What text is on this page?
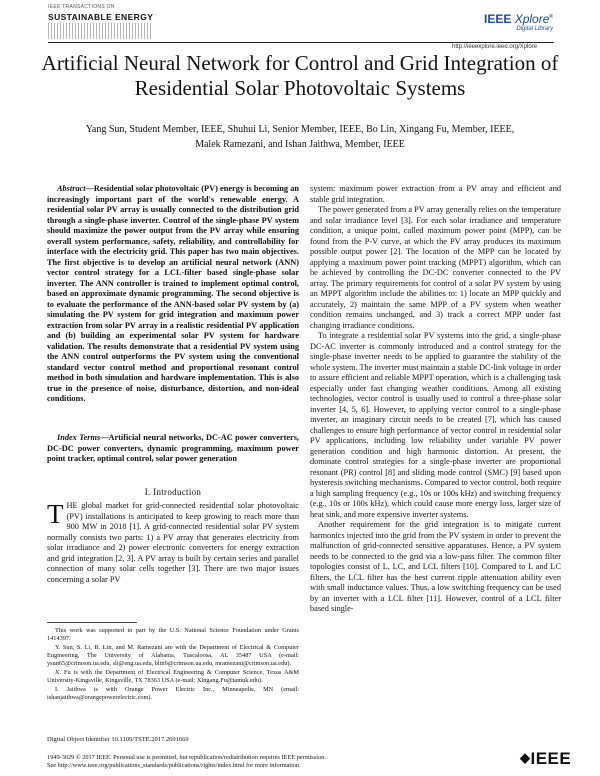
IEEE TRANSACTIONS ON
SUSTAINABLE ENERGY	IEEE Xplore®
Digital Library
http://ieeexplore.ieee.org/Xplore
Artificial Neural Network for Control and Grid Integration of Residential Solar Photovoltaic Systems
Yang Sun, Student Member, IEEE, Shuhui Li, Senior Member, IEEE, Bo Lin, Xingang Fu, Member, IEEE,
Malek Ramezani, and Ishan Jaithwa, Member, IEEE

Abstract—Residential solar photovoltaic (PV) energy is becoming an increasingly important part of the world's renewable energy. A residential solar PV array is usually connected to the distribution grid through a single-phase inverter. Control of the single-phase PV system should maximize the power output from the PV array while ensuring overall system performance, safety, reliability, and controllability for interface with the electricity grid. This paper has two main objectives. The first objective is to develop an artificial neural network (ANN) vector control strategy for a LCL-filter based single-phase solar inverter. The ANN controller is trained to implement optimal control, based on approximate dynamic programming. The second objective is to evaluate the performance of the ANN-based solar PV system by (a) simulating the PV system for grid integration and maximum power extraction from solar PV array in a realistic residential PV application and (b) building an experimental solar PV system for hardware validation. The results demonstrate that a residential PV system using the ANN control outperforms the PV system using the conventional standard vector control method and proportional resonant control method in both simulation and hardware implementation. This is also true in the presence of noise, disturbance, distortion, and non-ideal conditions.

Index Terms—Artificial neural networks, DC-AC power converters, DC-DC power converters, dynamic programming, maximum power point tracker, optimal control, solar power generation

I. Introduction

THE global market for grid-connected residential solar photovoltaic (PV) installations is anticipated to keep growing to reach more than 900 MW in 2018 [1]. A grid-connected residential solar PV system normally consists two parts: 1) a PV array that generates electricity from solar irradiance and 2) power electronic converters for energy extraction and grid integration [2, 3]. A PV array is built by certain series and parallel connection of many solar cells together [3]. There are two major issues concerning a solar PV

This work was supported in part by the U.S. National Science Foundation under Grants 1414397.

Y. Sun, S. Li, B. Lin, and M. Ramezani are with the Department of Electrical & Computer Engineering, The University of Alabama, Tuscaloosa, AL 35487 USA (e-mail: ysun65@crimson.ua.edu, sli@eng.ua.edu, blin6@crimson.ua.edu, mramezani@crimson.ua.edu).

X. Fu is with the Department of Electrical Engineering & Computer Science, Texas A&M University-Kingsville, Kingsville, TX 78363 USA (e-mail: Xingang.Fu@tamuk.edu).

I. Jaithwa is with Orange Power Electric Inc., Minneapolis, MN (email: ishanjaithwa@orangepowerelectric.com).

system: maximum power extraction from a PV array and efficient and stable grid integration.

The power generated from a PV array generally relies on the temperature and solar irradiance level [3]. For each solar irradiance and temperature condition, a unique point, called maximum power point (MPP), can be found from the P-V curve, at which the PV array produces its maximum possible output power [2]. The location of the MPP can be located by applying a maximum power point tracking (MPPT) algorithm, which can be achieved by controlling the DC-DC converter connected to the PV array. The primary requirements for control of a solar PV system by using an MPPT algorithm include the abilities to: 1) locate an MPP quickly and accurately, 2) maintain the same MPP of a PV system when weather condition remains unchanged, and 3) track a correct MPP under fast changing irradiance conditions.

To integrate a residential solar PV systems into the grid, a single-phase DC-AC inverter is commonly introduced and a control strategy for the single-phase inverter needs to be applied to guarantee the stability of the whole system. The inverter must maintain a stable DC-link voltage in order to assure efficient and reliable MPPT operation, which is a challenging task especially under fast changing weather conditions. Among all existing technologies, vector control is usually used to control a three-phase solar inverter [4, 5, 6]. However, to applying vector control to a single-phase inverter, an imaginary circuit needs to be created [7], which has caused challenges to ensure high performance of vector control in residential solar PV applications, including low reliability under variable PV power generation condition and high harmonic distortion. At present, the dominate control strategies for a single-phase inverter are proportional resonant (PR) control [8] and sliding mode control (SMC) [9] based upon hysteresis switching mechanisms. Compared to vector control, both require a high sampling frequency (e.g., 10s or 100s kHz) and switching frequency (e.g., 10s or 100s kHz), which could cause more energy loss, larger size of heat sink, and more expensive inverter systems.

Another requirement for the grid integration is to mitigate current harmonics injected into the grid from the PV system in order to prevent the malfunction of grid-connected sensitive apparatuses. Hence, a PV system needs to be connected to the grid via a low-pass filter. The common filter topologies consist of L, LC, and LCL filters [10]. Compared to L and LC filters, the LCL filter has the best current ripple attenuation ability even with small inductance values. Thus, a low switching frequency can be used by an inverter with a LCL filter [11]. However, control of a LCL filter based single-

Digital Object Identifier 10.1109/TSTE.2017.2691669
1949-3029 © 2017 IEEE. Personal use is permitted, but republication/redistribution requires IEEE permission.
See http://www.ieee.org/publications_standards/publications/rights/index.html for more information.
◆IEEE
